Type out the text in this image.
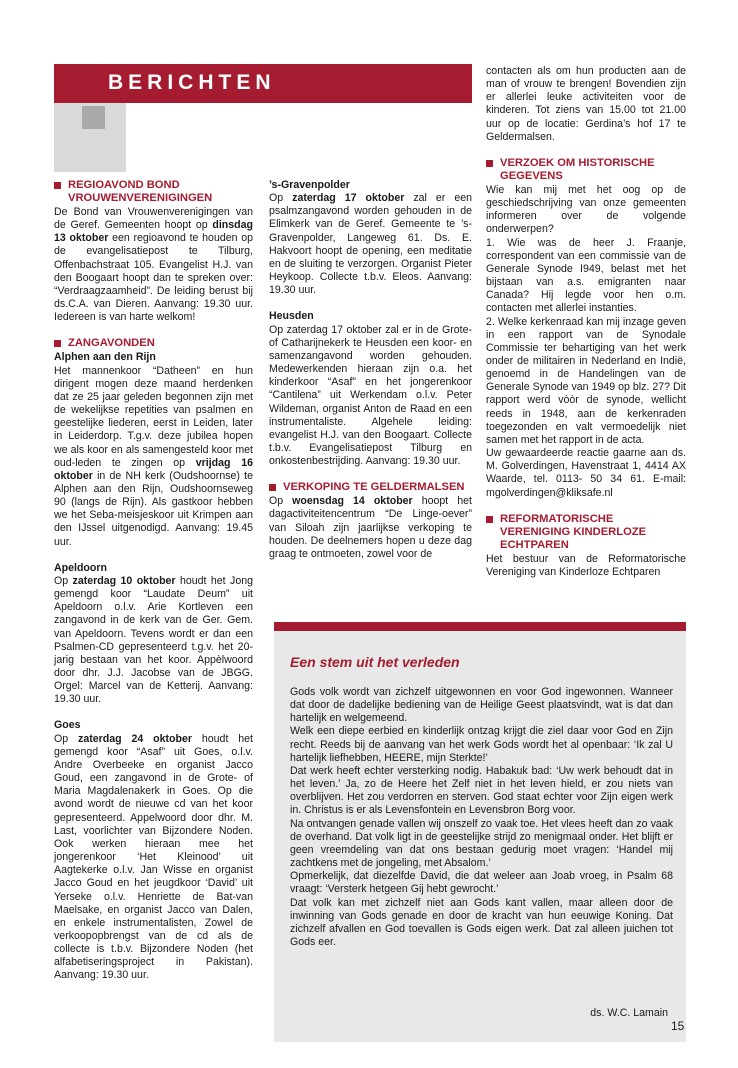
BERICHTEN
REGIOAVOND BOND
VROUWENVERENIGINGEN

De Bond van Vrouwenverenigingen van de Geref. Gemeenten hoopt op dinsdag 13 oktober een regioavond te houden op de evangelisatiepost te Tilburg, Offenbachstraat 105. Evangelist H.J. van den Boogaart hoopt dan te spreken over: “Verdraagzaamheid”. De leiding berust bij ds.C.A. van Dieren. Aanvang: 19.30 uur. Iedereen is van harte welkom!

ZANGAVONDEN
Alphen aan den Rijn

Het mannenkoor “Datheen” en hun dirigent mogen deze maand herdenken dat ze 25 jaar geleden begonnen zijn met de wekelijkse repetities van psalmen en geestelijke liederen, eerst in Leiden, later in Leiderdorp. T.g.v. deze jubilea hopen we als koor en als samengesteld koor met oud-leden te zingen op vrijdag 16 oktober in de NH kerk (Oudshoornse) te Alphen aan den Rijn, Oudshoornseweg 90 (langs de Rijn). Als gastkoor hebben we het Seba-meisjeskoor uit Krimpen aan den IJssel uitgenodigd. Aanvang: 19.45 uur.

Apeldoorn

Op zaterdag 10 oktober houdt het Jong gemengd koor “Laudate Deum” uit Apeldoorn o.l.v. Arie Kortleven een zangavond in de kerk van de Ger. Gem. van Apeldoorn. Tevens wordt er dan een Psalmen-CD gepresenteerd t.g.v. het 20-jarig bestaan van het koor. Appèlwoord door dhr. J.J. Jacobse van de JBGG. Orgel: Marcel van de Ketterij. Aanvang: 19.30 uur.

Goes

Op zaterdag 24 oktober houdt het gemengd koor “Asaf” uit Goes, o.l.v. Andre Overbeeke en organist Jacco Goud, een zangavond in de Grote- of Maria Magdalenakerk in Goes. Op die avond wordt de nieuwe cd van het koor gepresenteerd. Appelwoord door dhr. M. Last, voorlichter van Bijzondere Noden. Ook werken hieraan mee het jongerenkoor ‘Het Kleinood’ uit Aagtekerke o.l.v. Jan Wisse en organist Jacco Goud en het jeugdkoor ‘David’ uit Yerseke o.l.v. Henriette de Bat-van Maelsake, en organist Jacco van Dalen, en enkele instrumentalisten, Zowel de verkoopopbrengst van de cd als de collecte is t.b.v. Bijzondere Noden (het alfabetiseringsproject in Pakistan). Aanvang: 19.30 uur.

’s-Gravenpolder

Op zaterdag 17 oktober zal er een psalmzangavond worden gehouden in de Elimkerk van de Geref. Gemeente te ’s-Gravenpolder, Langeweg 61. Ds. E. Hakvoort hoopt de opening, een meditatie en de sluiting te verzorgen. Organist Pieter Heykoop. Collecte t.b.v. Eleos. Aanvang: 19.30 uur.

Heusden

Op zaterdag 17 oktober zal er in de Grote- of Catharijnekerk te Heusden een koor- en samenzangavond worden gehouden. Medewerkenden hieraan zijn o.a. het kinderkoor “Asaf” en het jongerenkoor “Cantilena” uit Werkendam o.l.v. Peter Wildeman, organist Anton de Raad en een instrumentaliste. Algehele leiding: evangelist H.J. van den Boogaart. Collecte t.b.v. Evangelisatiepost Tilburg en onkostenbestrijding. Aanvang: 19.30 uur.

VERKOPING TE GELDERMALSEN

Op woensdag 14 oktober hoopt het dagactiviteitencentrum “De Linge-oever” van Siloah zijn jaarlijkse verkoping te houden. De deelnemers hopen u deze dag graag te ontmoeten, zowel voor de

contacten als om hun producten aan de man of vrouw te brengen! Bovendien zijn er allerlei leuke activiteiten voor de kinderen. Tot ziens van 15.00 tot 21.00 uur op de locatie: Gerdina’s hof 17 te Geldermalsen.

VERZOEK OM HISTORISCHE
GEGEVENS

Wie kan mij met het oog op de geschiedschrijving van onze gemeenten informeren over de volgende onderwerpen?

1. Wie was de heer J. Fraanje, correspondent van een commissie van de Generale Synode I949, belast met het bijstaan van a.s. emigranten naar Canada? Hij legde voor hen o.m. contacten met allerlei instanties.

2. Welke kerkenraad kan mij inzage geven in een rapport van de Synodale Commissie ter behartiging van het werk onder de militairen in Nederland en Indië, genoemd in de Handelingen van de Generale Synode van 1949 op blz. 27? Dit rapport werd vòòr de synode, wellicht reeds in 1948, aan de kerkenraden toegezonden en valt vermoedelijk niet samen met het rapport in de acta.

Uw gewaardeerde reactie gaarne aan ds. M. Golverdingen, Havenstraat 1, 4414 AX Waarde, tel. 0113- 50 34 61. E-mail: mgolverdingen@kliksafe.nl

REFORMATORISCHE
VERENIGING KINDERLOZE
ECHTPAREN

Het bestuur van de Reformatorische Vereniging van Kinderloze Echtparen

Een stem uit het verleden

Gods volk wordt van zichzelf uitgewonnen en voor God ingewonnen. Wanneer dat door de dadelijke bediening van de Heilige Geest plaatsvindt, wat is dat dan hartelijk en welgemeend.

Welk een diepe eerbied en kinderlijk ontzag krijgt die ziel daar voor God en Zijn recht. Reeds bij de aanvang van het werk Gods wordt het al openbaar: ‘Ik zal U hartelijk liefhebben, HEERE, mijn Sterkte!’

Dat werk heeft echter versterking nodig. Habakuk bad: ‘Uw werk behoudt dat in het leven.’ Ja, zo de Heere het Zelf niet in het leven hield, er zou niets van overblijven. Het zou verdorren en sterven. God staat echter voor Zijn eigen werk in. Christus is er als Levensfontein en Levensbron Borg voor.

Na ontvangen genade vallen wij onszelf zo vaak toe. Het vlees heeft dan zo vaak de overhand. Dat volk ligt in de geestelijke strijd zo menigmaal onder. Het blijft er geen vreemdeling van dat ons bestaan gedurig moet vragen: ‘Handel mij zachtkens met de jongeling, met Absalom.’

Opmerkelijk, dat diezelfde David, die dat weleer aan Joab vroeg, in Psalm 68 vraagt: ‘Versterk hetgeen Gij hebt gewrocht.’

Dat volk kan met zichzelf niet aan Gods kant vallen, maar alleen door de inwinning van Gods genade en door de kracht van hun eeuwige Koning. Dat zichzelf afvallen en God toevallen is Gods eigen werk. Dat zal alleen juichen tot Gods eer.

ds. W.C. Lamain
15
